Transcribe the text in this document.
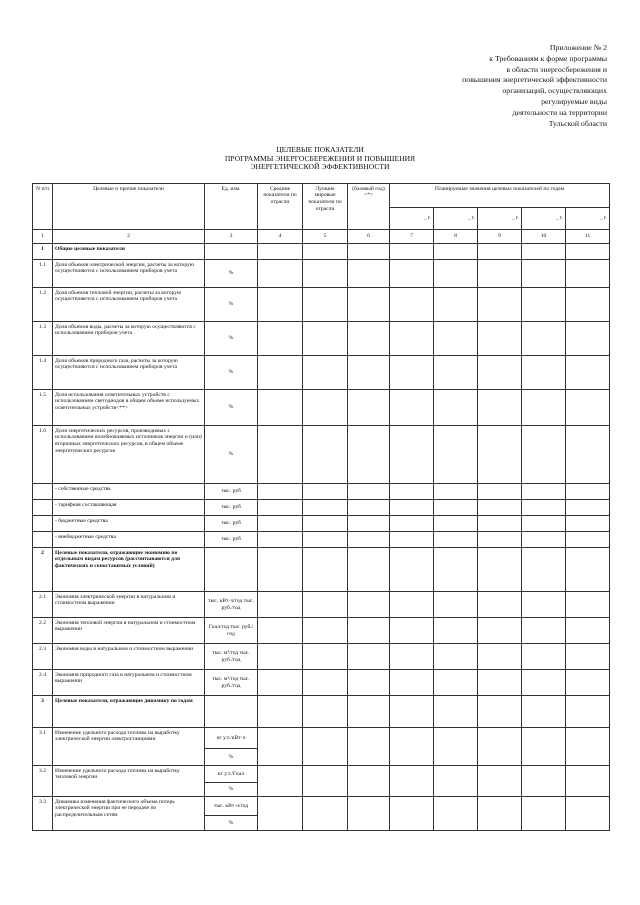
Приложение № 2
к Требованиям к форме программы
в области энергосбережения и
повышения энергетической эффективности
организаций, осуществляющих
регулируемые виды
деятельности на территории
Тульской области
ЦЕЛЕВЫЕ ПОКАЗАТЕЛИ
ПРОГРАММЫ ЭНЕРГОСБЕРЕЖЕНИЯ И ПОВЫШЕНИЯ
ЭНЕРГЕТИЧЕСКОЙ ЭФФЕКТИВНОСТИ
N п/п	Целевые и прочие показатели	Ед. изм.	Средние показатели по отрасли	Лучшие мировые показатели по отрасли	(базовый год) <*>	Планируемые значения целевых показателей по годам				
						_ г.	_ г.	_ г.	_ г.	_ г.
1	2	3	4	5	6	7	8	9	10	11
1	Общие целевые показатели									
1.1	Доля объемов электрической энергии, расчеты за которую осуществляются с использованием приборов учета	%								
1.2	Доля объемов тепловой энергии, расчеты за которую осуществляются с использованием приборов учета	%								
1.3	Доля объемов воды, расчеты за которую осуществляются с использованием приборов учета	%								
1.4	Доля объемов природного газа, расчеты за которую осуществляются с использованием приборов учета	%								
1.5	Доля использования осветительных устройств с использованием светодиодов в общем объеме используемых осветительных устройств<**>	%								
1.6	Доля энергетических ресурсов, производимых с использованием возобновляемых источников энергии и (или) вторичных энергетических ресурсов, в общем объеме энергетических ресурсов	%								
	- собственные средства	тыс. руб								
	- тарифная составляющая	тыс. руб								
	- бюджетные средства	тыс. руб								
	- внебюджетные средства	тыс. руб								
2	Целевые показатели, отражающие экономию по отдельным видам ресурсов (рассчитываются для фактических и сопоставимых условий)									
2.1	Экономия электрической энергии в натуральном и стоимостном выражении	тыс. кВт·ч/год тыс. руб./год								
2.2	Экономия тепловой энергии в натуральном и стоимостном выражении	Гкал/год тыс. руб./год								
2.3	Экономия воды в натуральном и стоимостном выражении	тыс. м³/год тыс. руб./год								
2.4	Экономия природного газа в натуральном и стоимостном выражении	тыс. м³/год тыс. руб./год								
3	Целевые показатели, отражающие динамику по годам									
3.1	Изменение удельного расхода топлива на выработку электрической энергии электростанциями	кг у.т./кВт·ч								
		%								
3.2	Изменение удельного расхода топлива на выработку тепловой энергии	кг у.т./Гкал								
		%								
3.3	Динамика изменения фактического объема потерь электрической энергии при ее передаче по распределительным сетям	тыс. кВт·ч/год								
		%								
